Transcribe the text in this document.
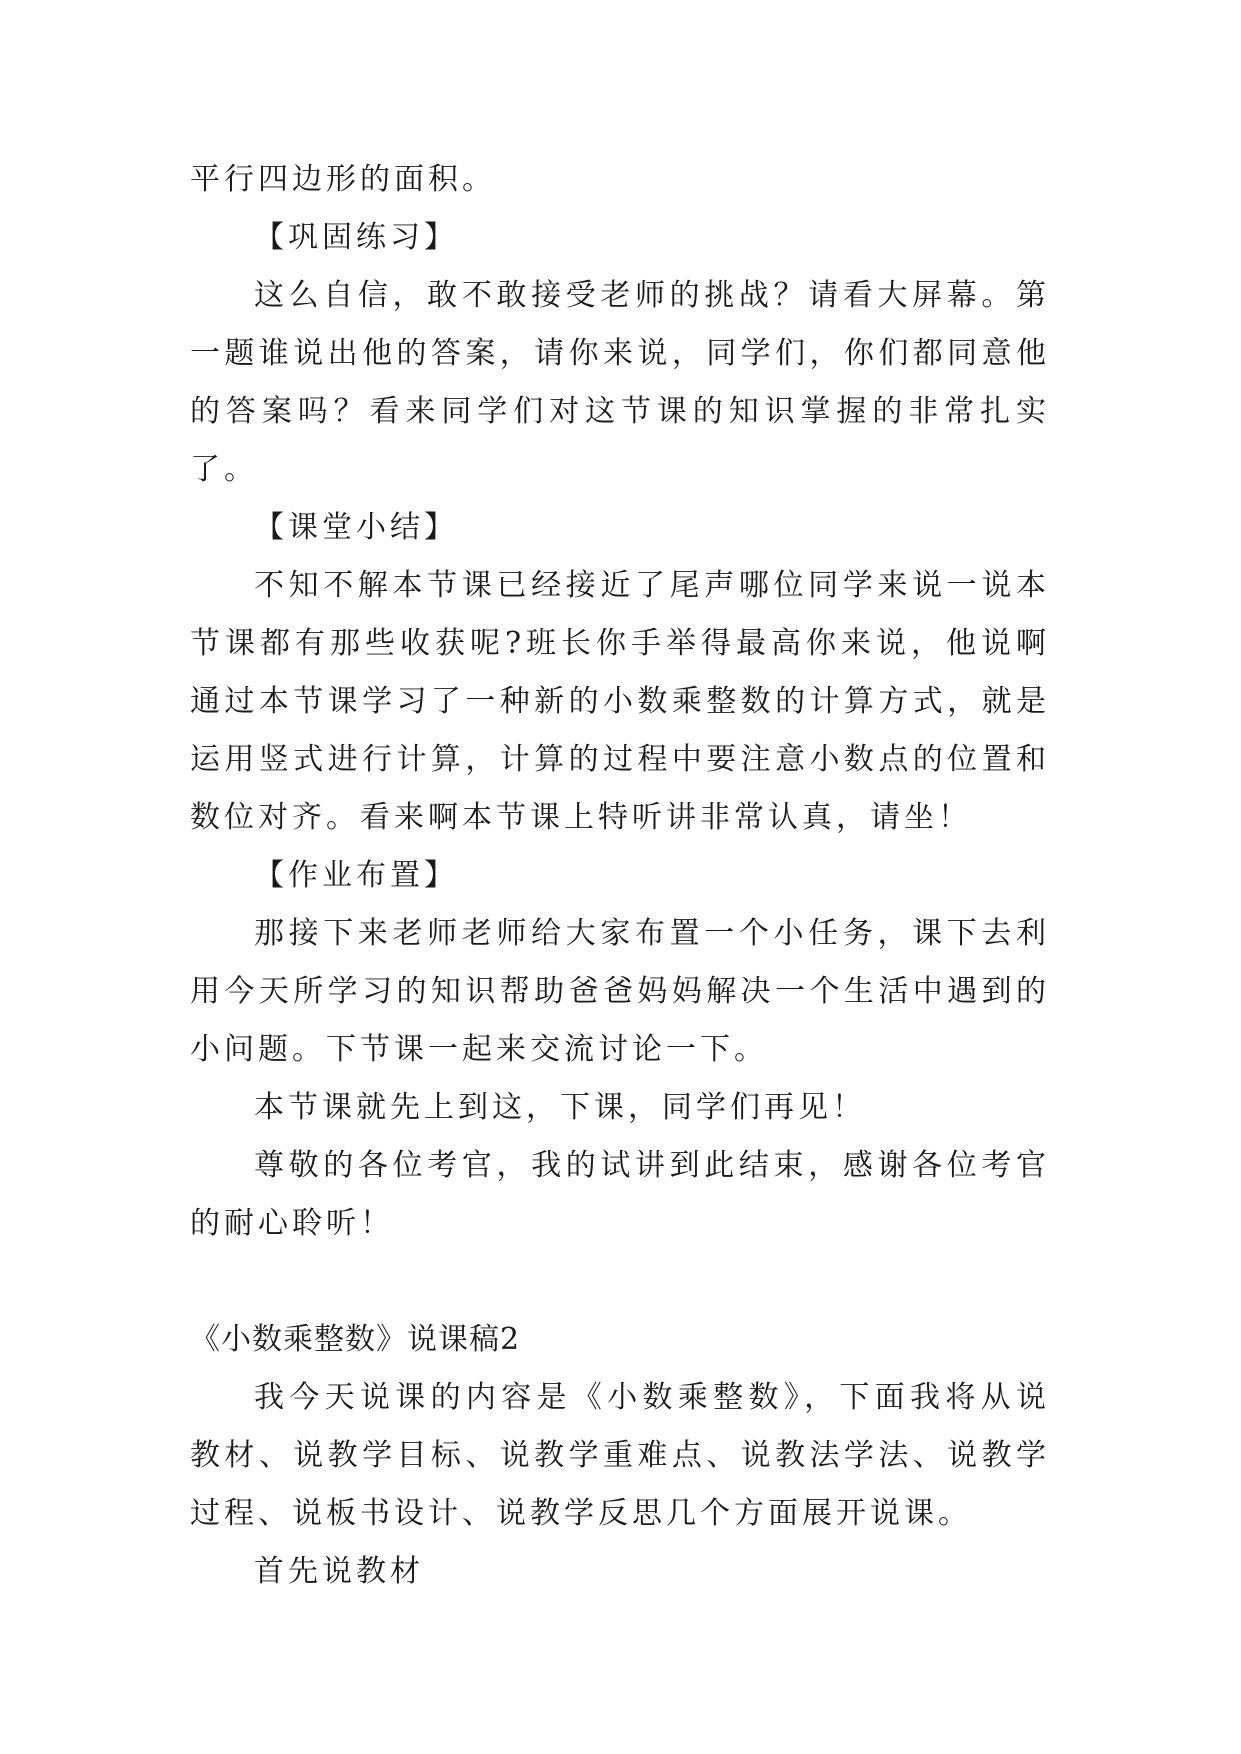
平行四边形的面积。

【巩固练习】

这么自信，敢不敢接受老师的挑战？请看大屏幕。第一题谁说出他的答案，请你来说，同学们，你们都同意他的答案吗？看来同学们对这节课的知识掌握的非常扎实了。

【课堂小结】

不知不解本节课已经接近了尾声哪位同学来说一说本节课都有那些收获呢?班长你手举得最高你来说，他说啊通过本节课学习了一种新的小数乘整数的计算方式，就是运用竖式进行计算，计算的过程中要注意小数点的位置和数位对齐。看来啊本节课上特听讲非常认真，请坐！

【作业布置】

那接下来老师老师给大家布置一个小任务，课下去利用今天所学习的知识帮助爸爸妈妈解决一个生活中遇到的小问题。下节课一起来交流讨论一下。

本节课就先上到这，下课，同学们再见！

尊敬的各位考官，我的试讲到此结束，感谢各位考官的耐心聆听！

《小数乘整数》说课稿2

我今天说课的内容是《小数乘整数》，下面我将从说教材、说教学目标、说教学重难点、说教法学法、说教学过程、说板书设计、说教学反思几个方面展开说课。

首先说教材
